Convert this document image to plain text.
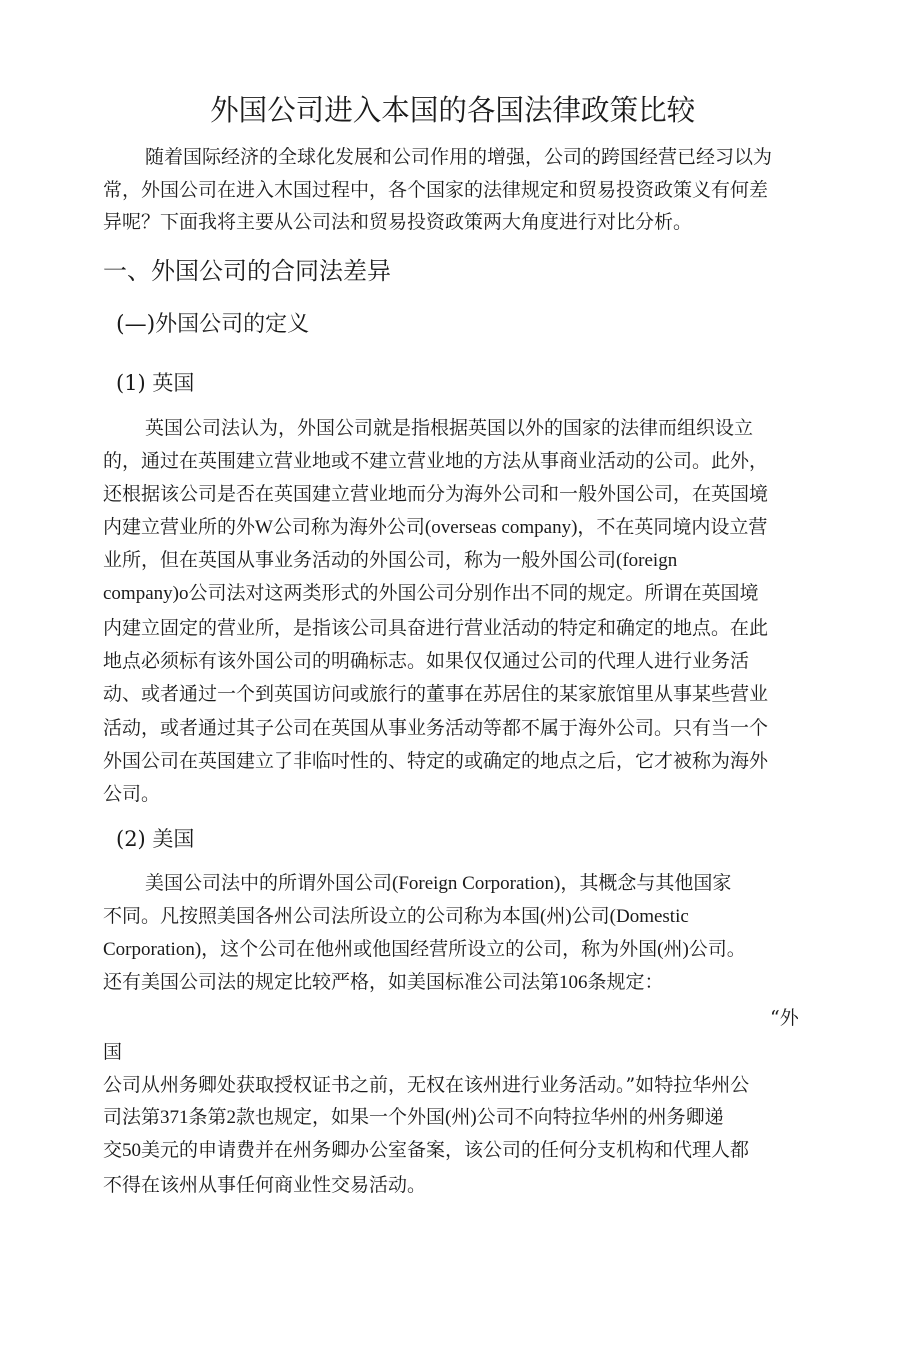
外国公司进入本国的各国法律政策比较
随着国际经济的全球化发展和公司作用的增强，公司的跨国经营已经习以为
常，外国公司在进入木国过程中，各个国家的法律规定和贸易投资政策义有何差
异呢？下面我将主要从公司法和贸易投资政策两大角度进行对比分析。
一、外国公司的合同法差异
(—)外国公司的定义
(1) 英国
英国公司法认为，外国公司就是指根据英国以外的国家的法律而组织设立
的，通过在英围建立营业地或不建立营业地的方法从事商业活动的公司。此外，
还根据该公司是否在英国建立营业地而分为海外公司和一般外国公司，在英国境
内建立营业所的外W公司称为海外公司(overseas company)，不在英同境内设立营
业所，但在英国从事业务活动的外国公司，称为一般外国公司(foreign
company)o公司法对这两类形式的外国公司分别作出不同的规定。所谓在英国境
内建立固定的营业所，是指该公司具奋进行营业活动的特定和确定的地点。在此
地点必须标有该外国公司的明确标志。如果仅仅通过公司的代理人进行业务活
动、或者通过一个到英国访问或旅行的董事在苏居住的某家旅馆里从事某些营业
活动，或者通过其子公司在英国从事业务活动等都不属于海外公司。只有当一个
外国公司在英国建立了非临吋性的、特定的或确定的地点之后，它才被称为海外
公司。
(2) 美国
美国公司法中的所谓外国公司(Foreign Corporation)，其概念与其他国家
不同。凡按照美国各州公司法所设立的公司称为本国(州)公司(Domestic
Corporation)，这个公司在他州或他国经营所设立的公司，称为外国(州)公司。
还有美国公司法的规定比较严格，如美国标准公司法第106条规定：
“外
国
公司从州务卿处获取授权证书之前，无权在该州进行业务活动。”如特拉华州公
司法第371条第2款也规定，如果一个外国(州)公司不向特拉华州的州务卿递
交50美元的申请费并在州务卿办公室备案，该公司的任何分支机构和代理人都
不得在该州从事任何商业性交易活动。
